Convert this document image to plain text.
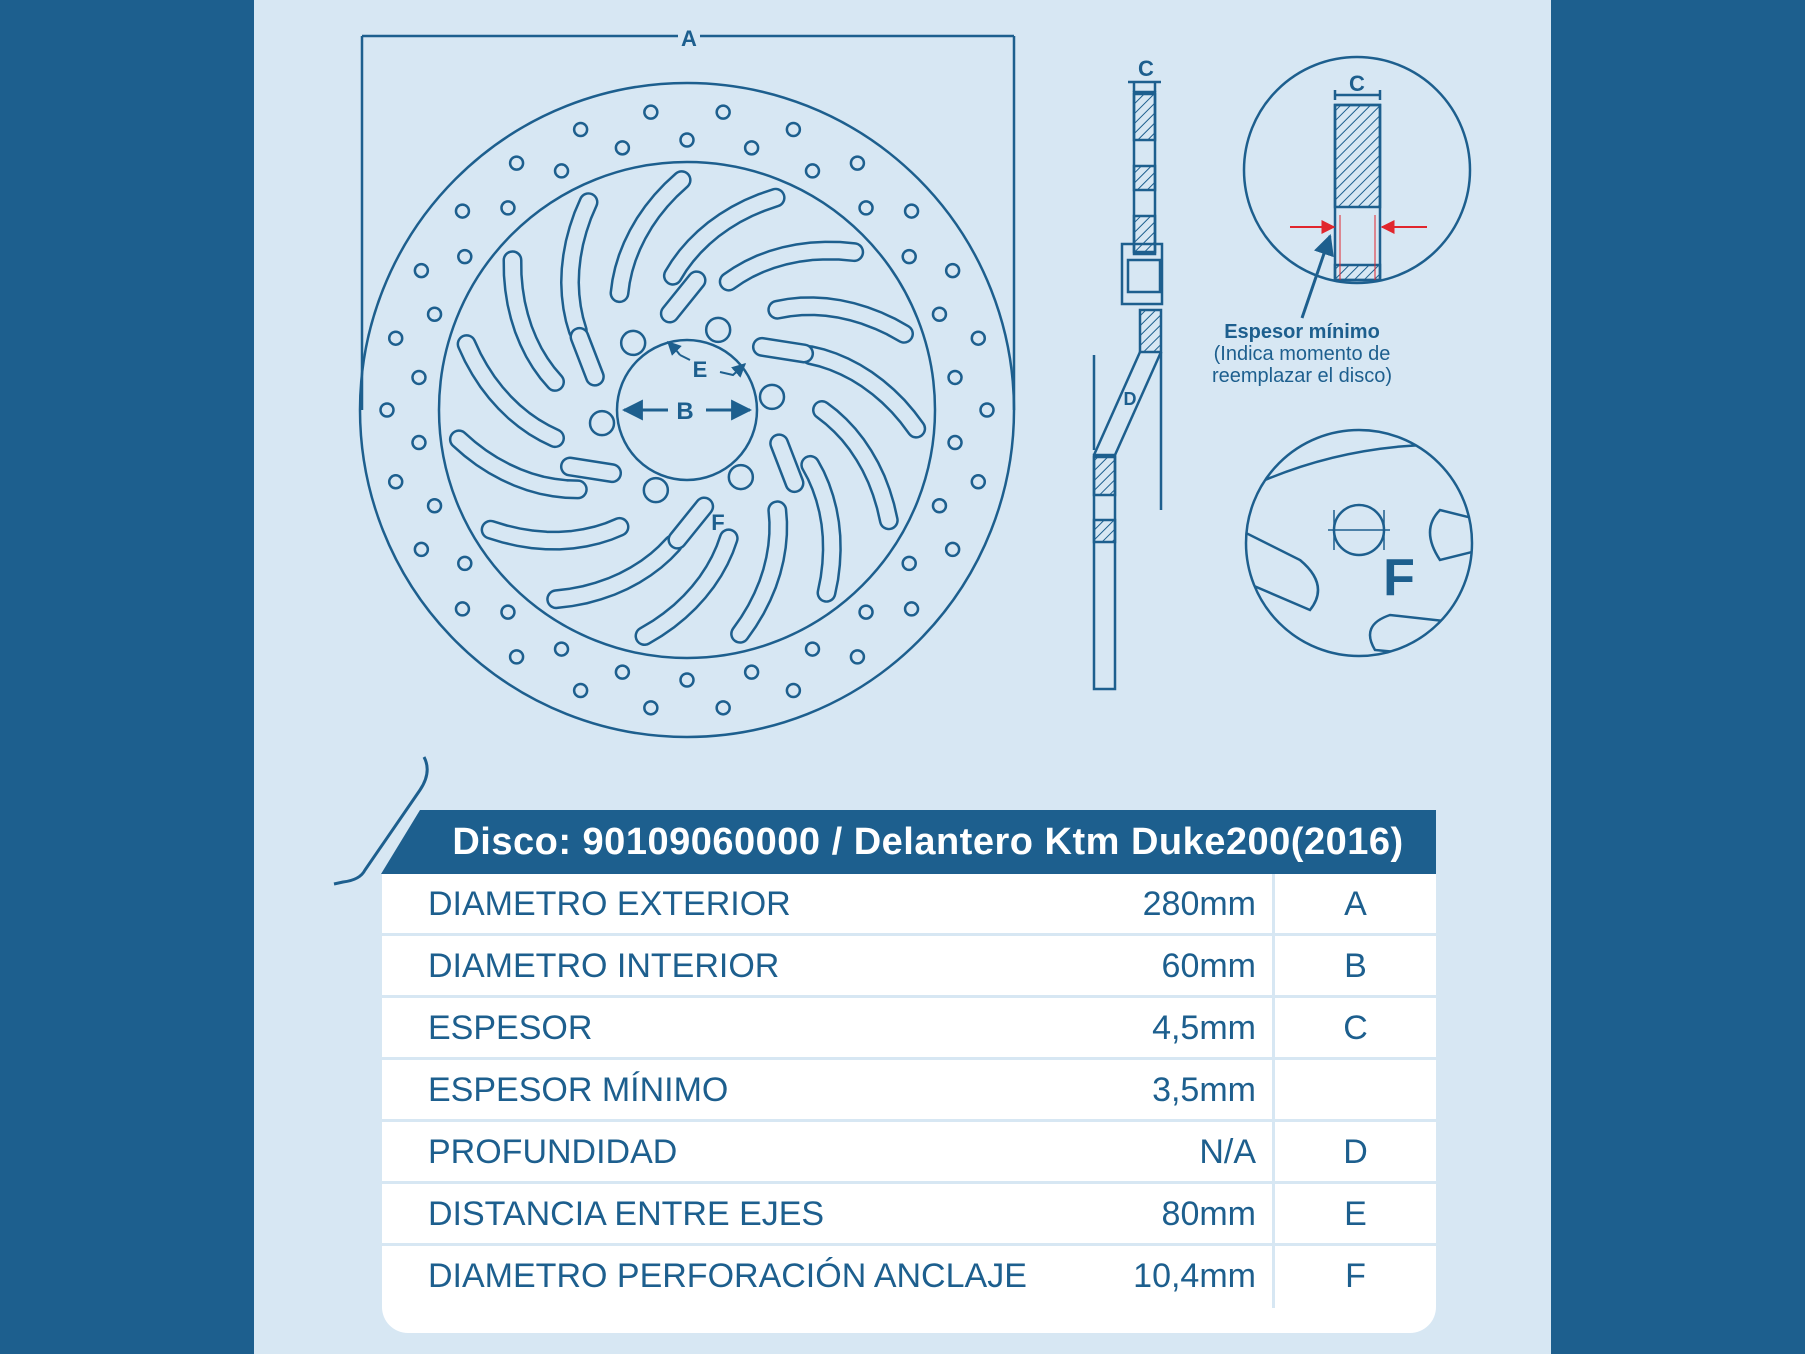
A
B
E
F
C
D
C
Espesor mínimo
(Indica momento de
reemplazar el disco)
F
Disco: 90109060000 / Delantero Ktm Duke200(2016)
DIAMETRO EXTERIOR	280mm	A
DIAMETRO INTERIOR	60mm	B
ESPESOR	4,5mm	C
ESPESOR MÍNIMO	3,5mm
PROFUNDIDAD	N/A	D
DISTANCIA ENTRE EJES	80mm	E
DIAMETRO PERFORACIÓN ANCLAJE	10,4mm	F
